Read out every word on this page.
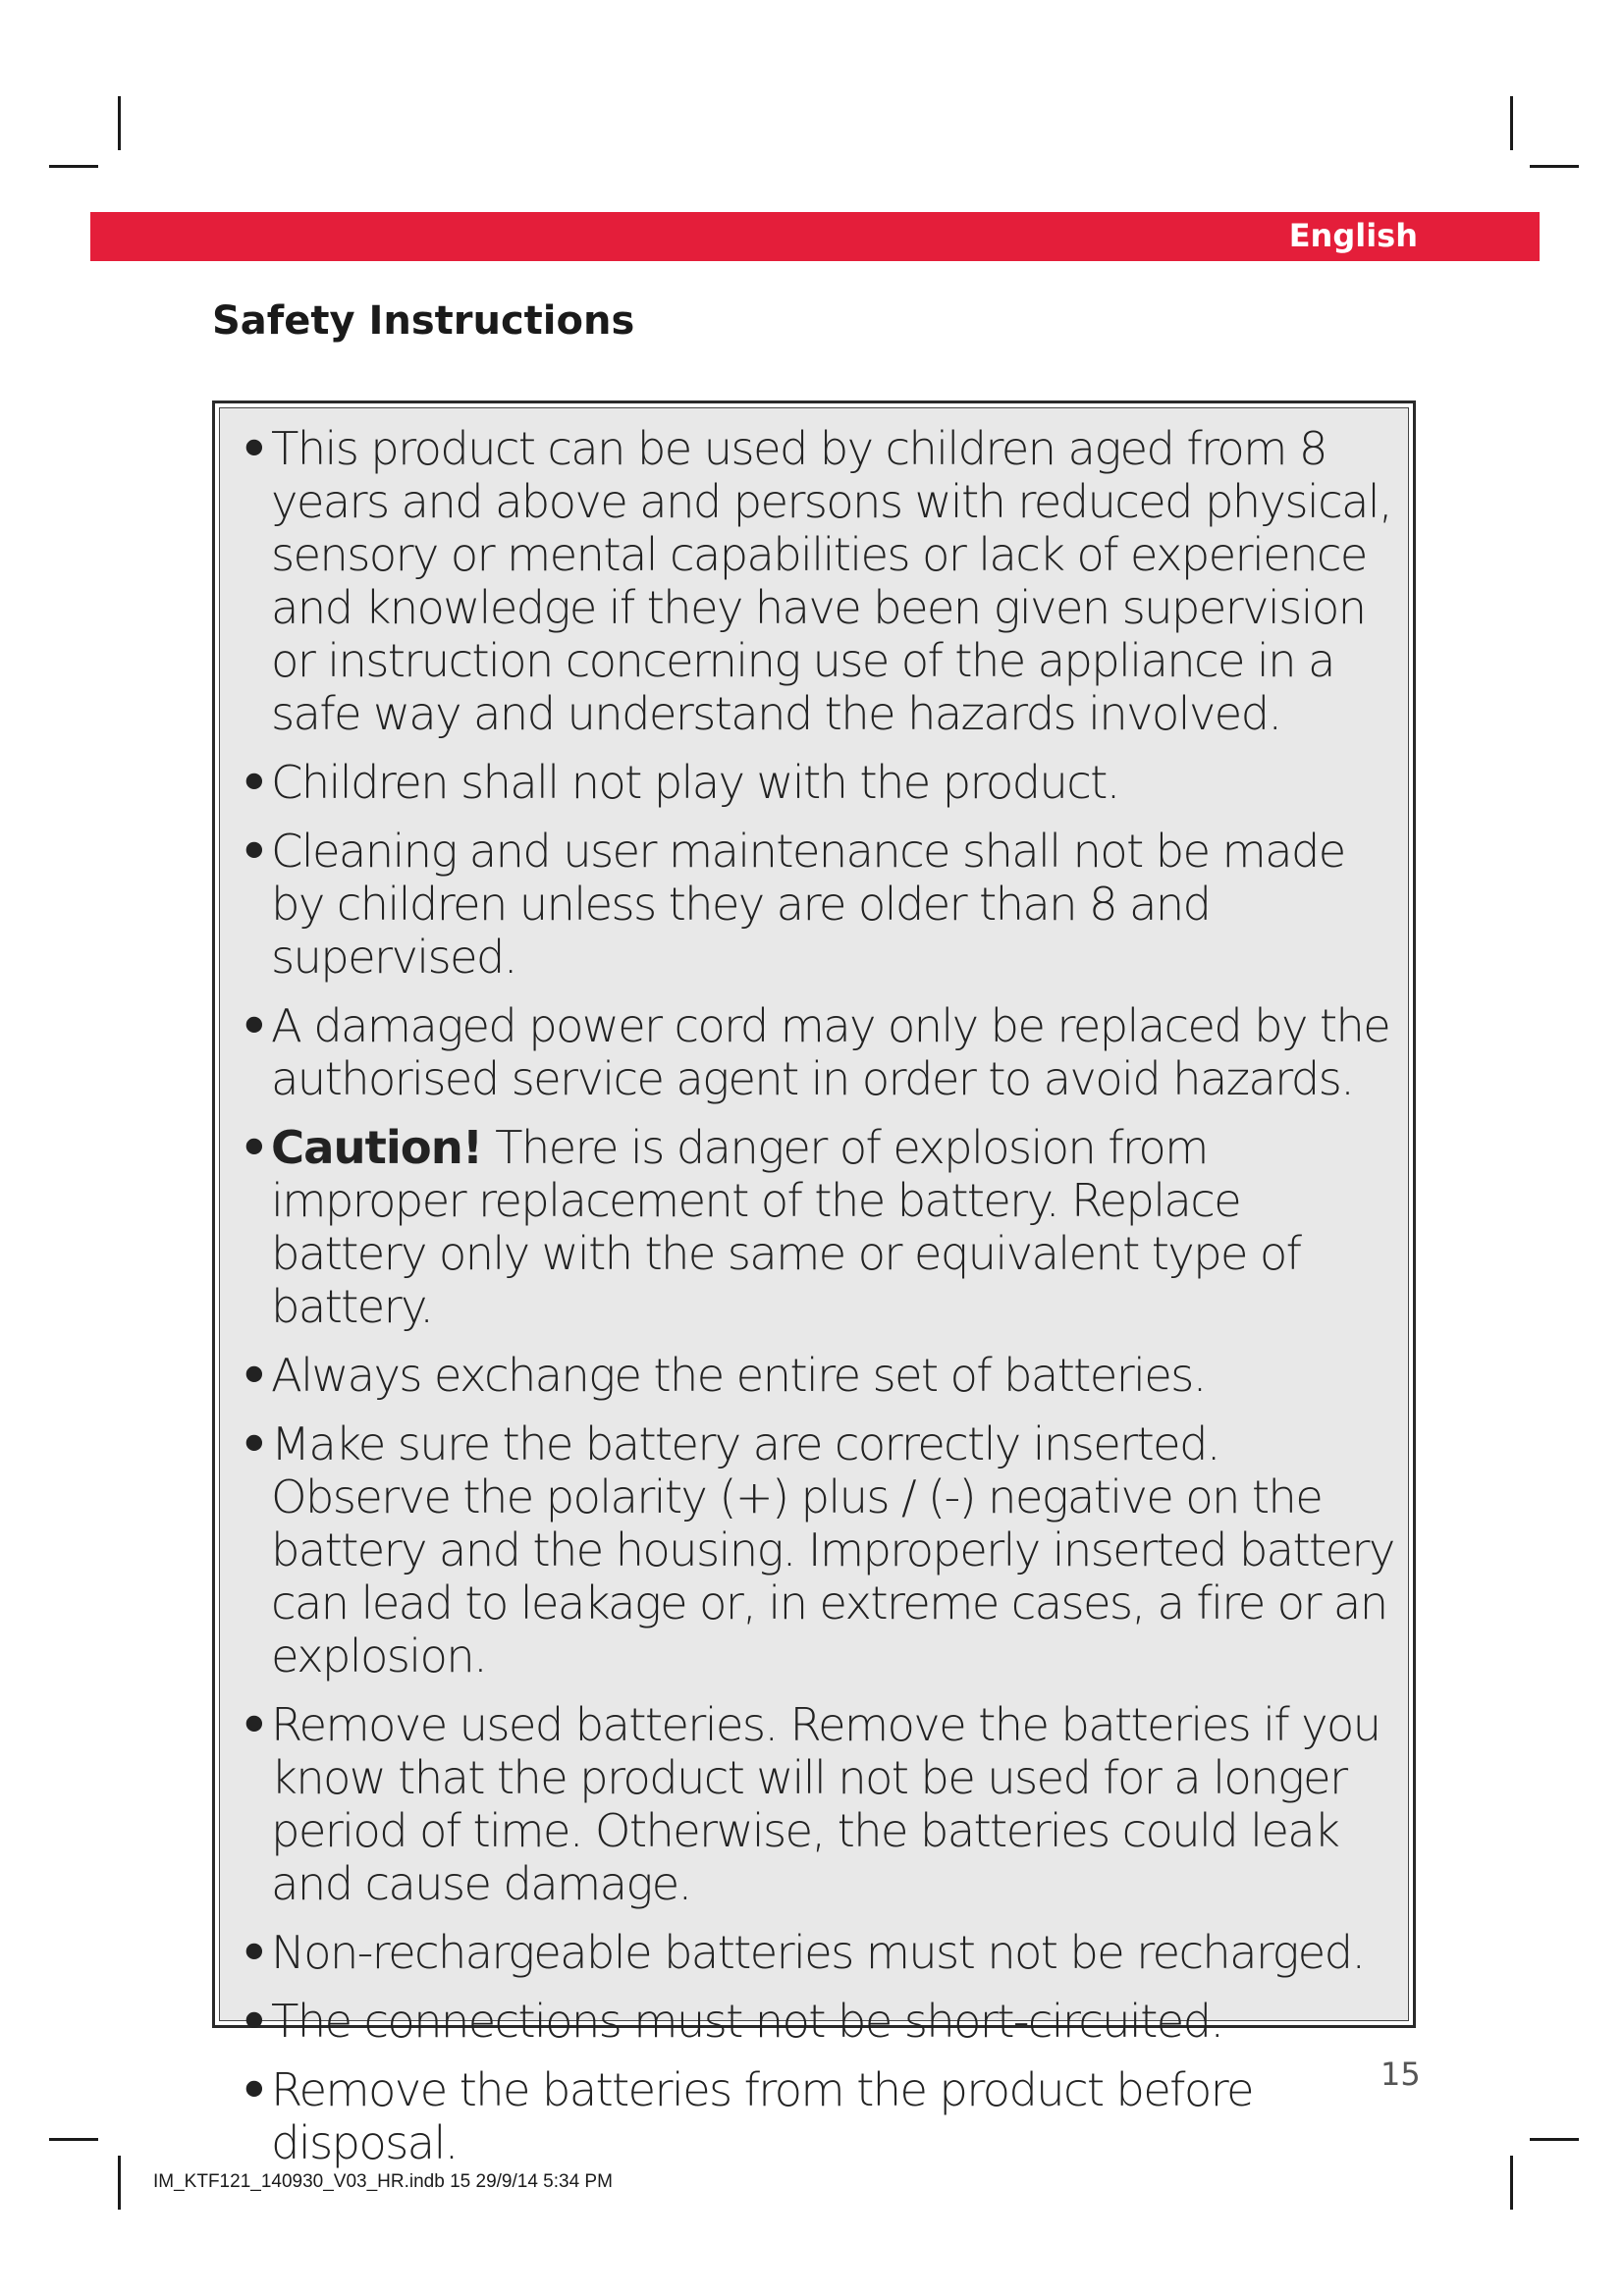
English
Safety Instructions
• This product can be used by children aged from 8 years and above and persons with reduced physical, sensory or mental capabilities or lack of experience and knowledge if they have been given supervision or instruction concerning use of the appliance in a safe way and understand the hazards involved.
• Children shall not play with the product.
• Cleaning and user maintenance shall not be made by children unless they are older than 8 and supervised.
• A damaged power cord may only be replaced by the authorised service agent in order to avoid hazards.
• Caution! There is danger of explosion from improper replacement of the battery. Replace battery only with the same or equivalent type of battery.
• Always exchange the entire set of batteries.
• Make sure the battery are correctly inserted. Observe the polarity (+) plus / (-) negative on the battery and the housing. Improperly inserted battery can lead to leakage or, in extreme cases, a fire or an explosion.
• Remove used batteries. Remove the batteries if you know that the product will not be used for a longer period of time. Otherwise, the batteries could leak and cause damage.
• Non-rechargeable batteries must not be recharged.
• The connections must not be short-circuited.
• Remove the batteries from the product before disposal.
15
IM_KTF121_140930_V03_HR.indb 15 29/9/14 5:34 PM
